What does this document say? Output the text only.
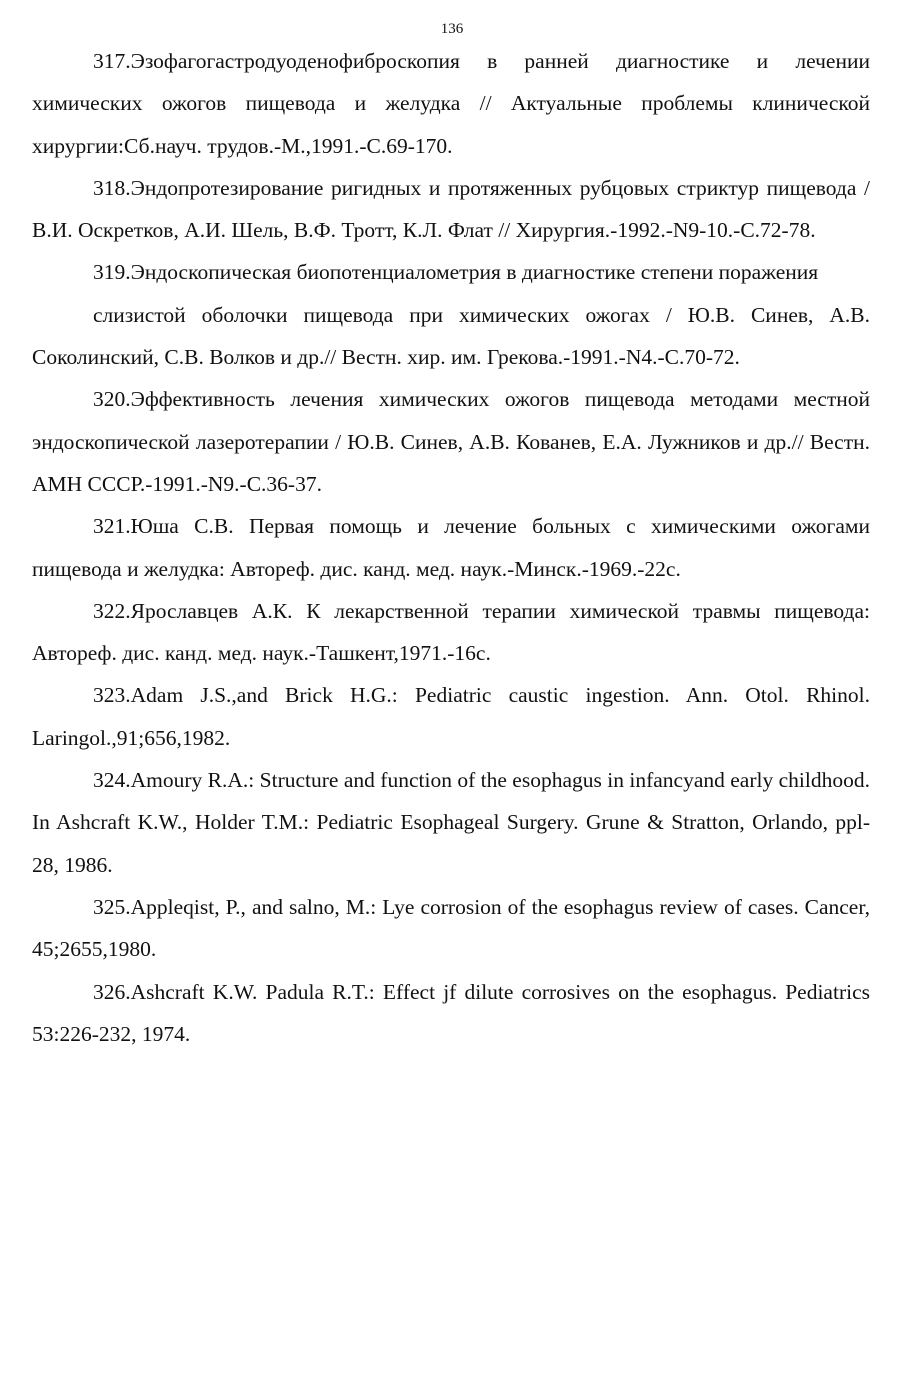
136

317.Эзофагогастродуоденофиброскопия в ранней диагностике и лечении химических ожогов пищевода и желудка // Актуальные проблемы клинической хирургии:Сб.науч. трудов.-М.,1991.-С.69-170.

318.Эндопротезирование ригидных и протяженных рубцовых стриктур пищевода / В.И. Оскретков, А.И. Шель, В.Ф. Тротт, К.Л. Флат // Хирургия.-1992.-N9-10.-С.72-78.

319.Эндоскопическая биопотенциалометрия в диагностике степени поражения

слизистой оболочки пищевода при химических ожогах / Ю.В. Синев, А.В. Соколинский, С.В. Волков и др.// Вестн. хир. им. Грекова.-1991.-N4.-С.70-72.

320.Эффективность лечения химических ожогов пищевода методами местной эндоскопической лазеротерапии / Ю.В. Синев, А.В. Кованев, Е.А. Лужников и др.// Вестн. АМН СССР.-1991.-N9.-С.36-37.

321.Юша С.В. Первая помощь и лечение больных с химическими ожогами пищевода и желудка: Автореф. дис. канд. мед. наук.-Минск.-1969.-22с.

322.Ярославцев А.К. К лекарственной терапии химической травмы пищевода: Автореф. дис. канд. мед. наук.-Ташкент,1971.-16с.

323.Adam J.S.,and Brick H.G.: Pediatric caustic ingestion. Ann. Otol. Rhinol. Laringol.,91;656,1982.

324.Amoury R.A.: Structure and function of the esophagus in infancyand early childhood. In Ashcraft K.W., Holder T.M.: Pediatric Esophageal Surgery. Grune & Stratton, Orlando, ppl-28, 1986.

325.Appleqist, P., and salno, M.: Lye corrosion of the esophagus review of cases. Cancer, 45;2655,1980.

326.Ashcraft K.W. Padula R.T.: Effect jf dilute corrosives on the esophagus. Pediatrics 53:226-232, 1974.
